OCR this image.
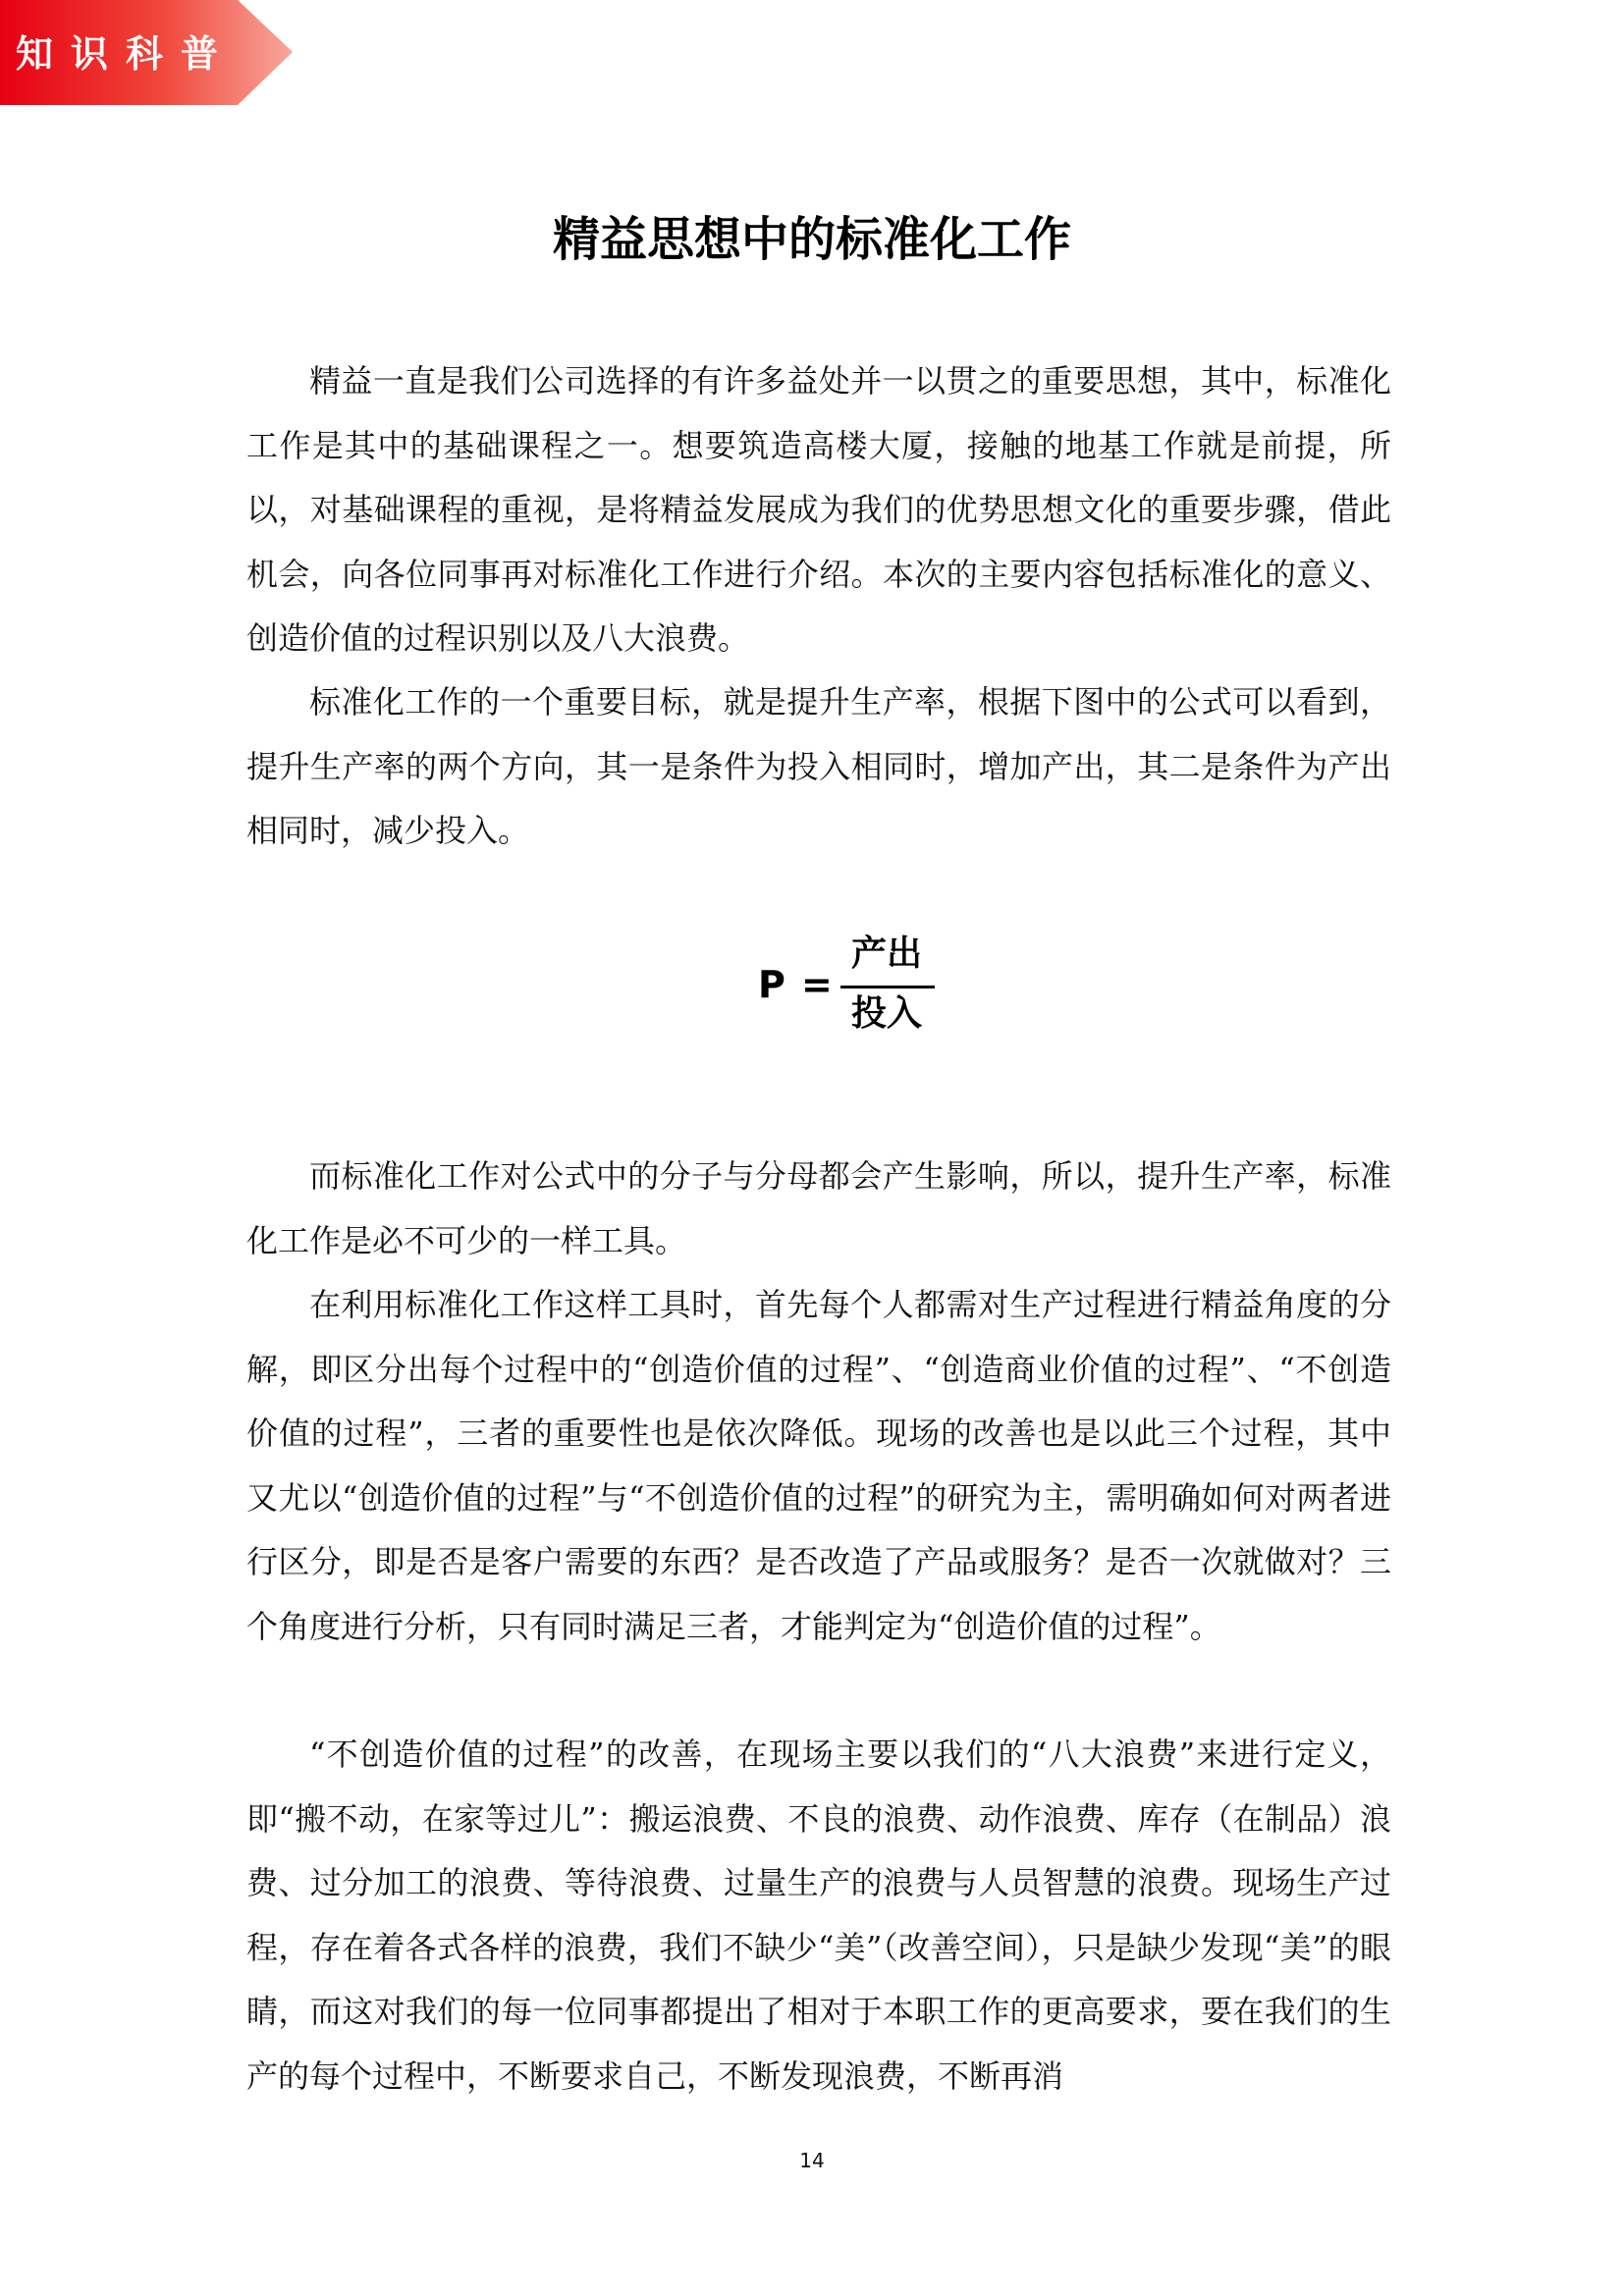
知识科普
精益思想中的标准化工作

精益一直是我们公司选择的有许多益处并一以贯之的重要思想，其中，标准化工作是其中的基础课程之一。想要筑造高楼大厦，接触的地基工作就是前提，所以，对基础课程的重视，是将精益发展成为我们的优势思想文化的重要步骤，借此机会，向各位同事再对标准化工作进行介绍。本次的主要内容包括标准化的意义、创造价值的过程识别以及八大浪费。

标准化工作的一个重要目标，就是提升生产率，根据下图中的公式可以看到，提升生产率的两个方向，其一是条件为投入相同时，增加产出，其二是条件为产出相同时，减少投入。

P =
产出
投入

而标准化工作对公式中的分子与分母都会产生影响，所以，提升生产率，标准化工作是必不可少的一样工具。

在利用标准化工作这样工具时，首先每个人都需对生产过程进行精益角度的分解，即区分出每个过程中的“创造价值的过程”、“创造商业价值的过程”、“不创造价值的过程”，三者的重要性也是依次降低。现场的改善也是以此三个过程，其中又尤以“创造价值的过程”与“不创造价值的过程”的研究为主，需明确如何对两者进行区分，即是否是客户需要的东西？是否改造了产品或服务？是否一次就做对？三个角度进行分析，只有同时满足三者，才能判定为“创造价值的过程”。

“不创造价值的过程”的改善，在现场主要以我们的“八大浪费”来进行定义，即“搬不动，在家等过儿”：搬运浪费、不良的浪费、动作浪费、库存（在制品）浪费、过分加工的浪费、等待浪费、过量生产的浪费与人员智慧的浪费。现场生产过程，存在着各式各样的浪费，我们不缺少“美”（改善空间），只是缺少发现“美”的眼睛，而这对我们的每一位同事都提出了相对于本职工作的更高要求，要在我们的生产的每个过程中，不断要求自己，不断发现浪费，不断再消

14
